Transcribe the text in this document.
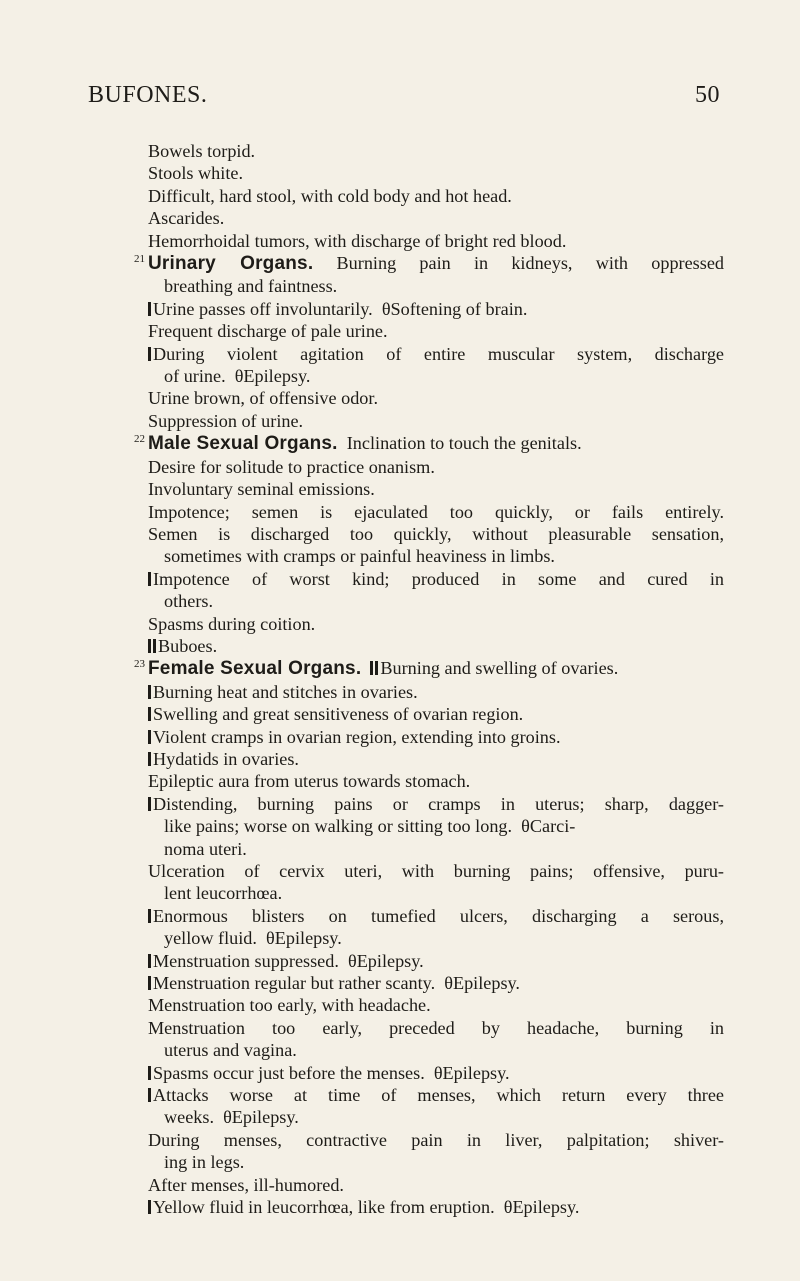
BUFONES.	50
Bowels torpid.
Stools white.
Difficult, hard stool, with cold body and hot head.
Ascarides.
Hemorrhoidal tumors, with discharge of bright red blood.
21 Urinary Organs. Burning pain in kidneys, with oppressed
breathing and faintness.
Urine passes off involuntarily. θSoftening of brain.
Frequent discharge of pale urine.
During violent agitation of entire muscular system, discharge
of urine. θEpilepsy.
Urine brown, of offensive odor.
Suppression of urine.
22 Male Sexual Organs. Inclination to touch the genitals.
Desire for solitude to practice onanism.
Involuntary seminal emissions.
Impotence; semen is ejaculated too quickly, or fails entirely.
Semen is discharged too quickly, without pleasurable sensation,
sometimes with cramps or painful heaviness in limbs.
Impotence of worst kind; produced in some and cured in
others.
Spasms during coition.
Buboes.
23 Female Sexual Organs. Burning and swelling of ovaries.
Burning heat and stitches in ovaries.
Swelling and great sensitiveness of ovarian region.
Violent cramps in ovarian region, extending into groins.
Hydatids in ovaries.
Epileptic aura from uterus towards stomach.
Distending, burning pains or cramps in uterus; sharp, dagger-
like pains; worse on walking or sitting too long. θCarci-
noma uteri.
Ulceration of cervix uteri, with burning pains; offensive, puru-
lent leucorrhœa.
Enormous blisters on tumefied ulcers, discharging a serous,
yellow fluid. θEpilepsy.
Menstruation suppressed. θEpilepsy.
Menstruation regular but rather scanty. θEpilepsy.
Menstruation too early, with headache.
Menstruation too early, preceded by headache, burning in
uterus and vagina.
Spasms occur just before the menses. θEpilepsy.
Attacks worse at time of menses, which return every three
weeks. θEpilepsy.
During menses, contractive pain in liver, palpitation; shiver-
ing in legs.
After menses, ill-humored.
Yellow fluid in leucorrhœa, like from eruption. θEpilepsy.
